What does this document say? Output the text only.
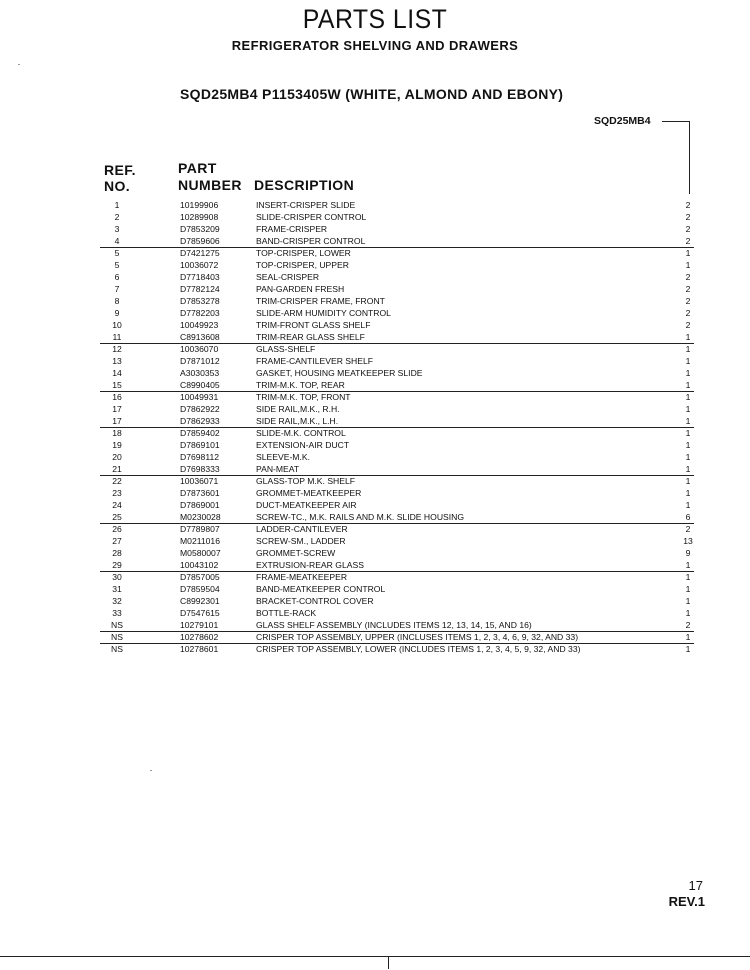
PARTS LIST
REFRIGERATOR SHELVING AND DRAWERS
SQD25MB4 P1153405W (WHITE, ALMOND AND EBONY)
SQD25MB4
REF.
NO.
PART
NUMBER DESCRIPTION
1	10199906	INSERT-CRISPER SLIDE	2
2	10289908	SLIDE-CRISPER CONTROL	2
3	D7853209	FRAME-CRISPER	2
4	D7859606	BAND-CRISPER CONTROL	2
5	D7421275	TOP-CRISPER, LOWER	1
5	10036072	TOP-CRISPER, UPPER	1
6	D7718403	SEAL-CRISPER	2
7	D7782124	PAN-GARDEN FRESH	2
8	D7853278	TRIM-CRISPER FRAME, FRONT	2
9	D7782203	SLIDE-ARM HUMIDITY CONTROL	2
10	10049923	TRIM-FRONT GLASS SHELF	2
11	C8913608	TRIM-REAR GLASS SHELF	1
12	10036070	GLASS-SHELF	1
13	D7871012	FRAME-CANTILEVER SHELF	1
14	A3030353	GASKET, HOUSING MEATKEEPER SLIDE	1
15	C8990405	TRIM-M.K. TOP, REAR	1
16	10049931	TRIM-M.K. TOP, FRONT	1
17	D7862922	SIDE RAIL,M.K., R.H.	1
17	D7862933	SIDE RAIL,M.K., L.H.	1
18	D7859402	SLIDE-M.K. CONTROL	1
19	D7869101	EXTENSION-AIR DUCT	1
20	D7698112	SLEEVE-M.K.	1
21	D7698333	PAN-MEAT	1
22	10036071	GLASS-TOP M.K. SHELF	1
23	D7873601	GROMMET-MEATKEEPER	1
24	D7869001	DUCT-MEATKEEPER AIR	1
25	M0230028	SCREW-TC., M.K. RAILS AND M.K. SLIDE HOUSING	6
26	D7789807	LADDER-CANTILEVER	2
27	M0211016	SCREW-SM., LADDER	13
28	M0580007	GROMMET-SCREW	9
29	10043102	EXTRUSION-REAR GLASS	1
30	D7857005	FRAME-MEATKEEPER	1
31	D7859504	BAND-MEATKEEPER CONTROL	1
32	C8992301	BRACKET-CONTROL COVER	1
33	D7547615	BOTTLE-RACK	1
NS	10279101	GLASS SHELF ASSEMBLY (INCLUDES ITEMS 12, 13, 14, 15, AND 16)	2
NS	10278602	CRISPER TOP ASSEMBLY, UPPER (INCLUSES ITEMS 1, 2, 3, 4, 6, 9, 32, AND 33)	1
NS	10278601	CRISPER TOP ASSEMBLY, LOWER (INCLUDES ITEMS 1, 2, 3, 4, 5, 9, 32, AND 33)	1
17
REV.1
